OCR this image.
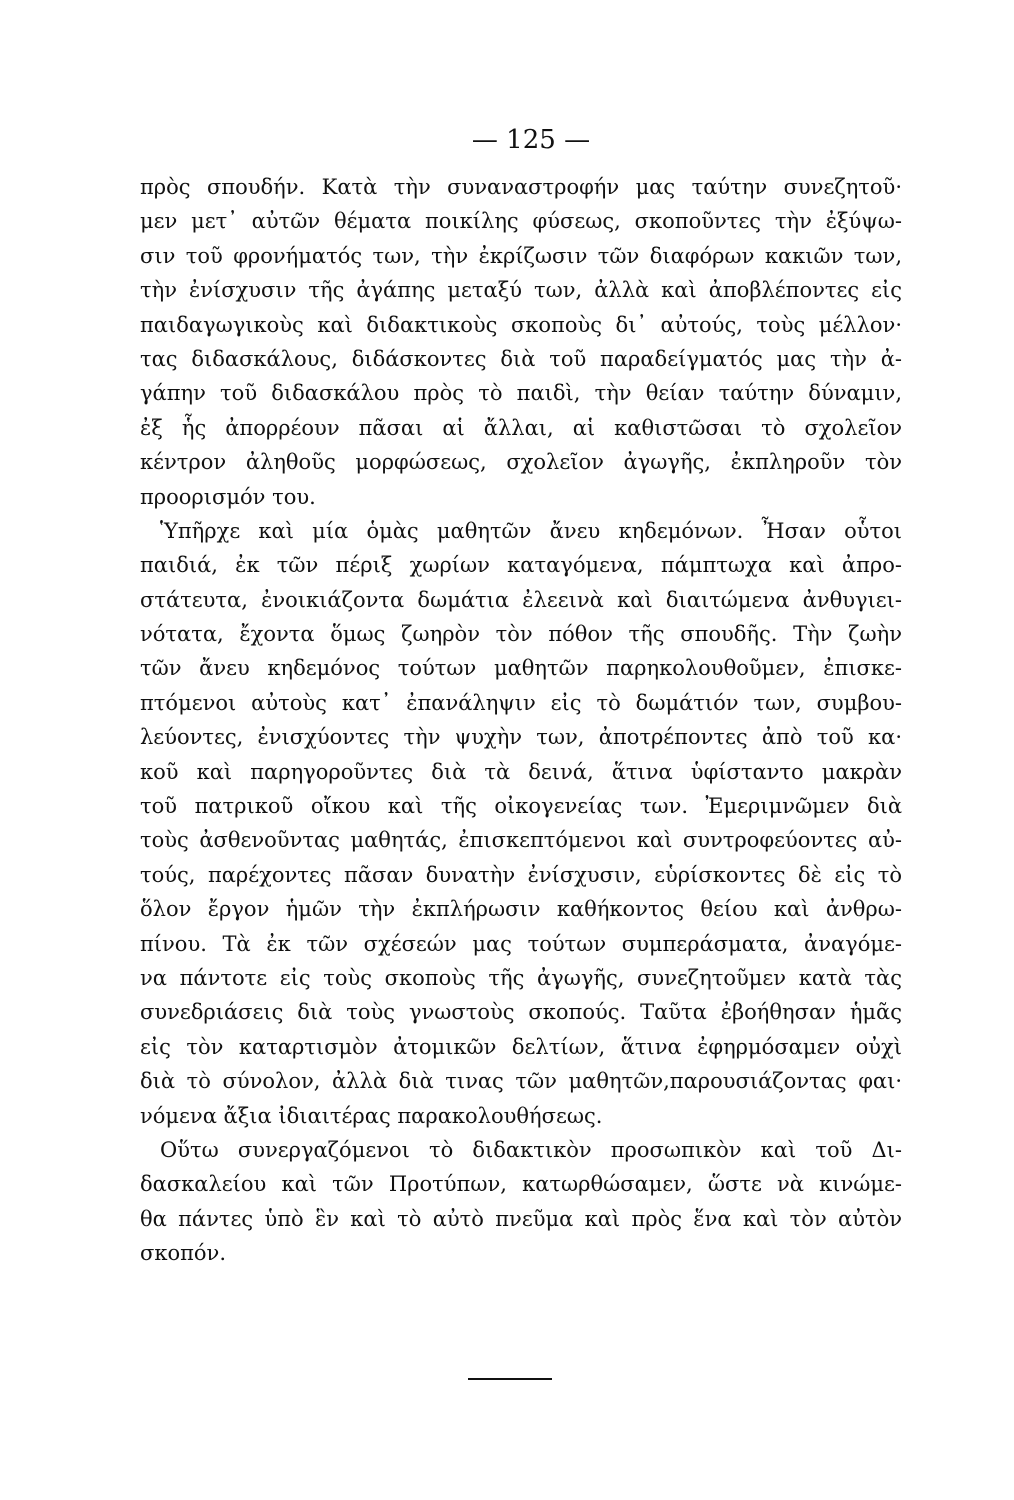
— 125 —
πρὸς σπουδήν. Κατὰ τὴν συναναστροφήν μας ταύτην συνεζητοῦ·
μεν μετ᾿ αὐτῶν θέματα ποικίλης φύσεως, σκοποῦντες τὴν ἐξύψω-
σιν τοῦ φρονήματός των, τὴν ἐκρίζωσιν τῶν διαφόρων κακιῶν των,
τὴν ἐνίσχυσιν τῆς ἀγάπης μεταξύ των, ἀλλὰ καὶ ἀποβλέποντες εἰς
παιδαγωγικοὺς καὶ διδακτικοὺς σκοποὺς δι᾿ αὐτούς, τοὺς μέλλον·
τας διδασκάλους, διδάσκοντες διὰ τοῦ παραδείγματός μας τὴν ἀ-
γάπην τοῦ διδασκάλου πρὸς τὸ παιδὶ, τὴν θείαν ταύτην δύναμιν,
ἐξ ἧς ἀπορρέουν πᾶσαι αἱ ἄλλαι, αἱ καθιστῶσαι τὸ σχολεῖον
κέντρον ἀληθοῦς μορφώσεως, σχολεῖον ἀγωγῆς, ἐκπληροῦν τὸν
προορισμόν του.
Ὑπῆρχε καὶ μία ὁμὰς μαθητῶν ἄνευ κηδεμόνων. Ἦσαν οὗτοι
παιδιά, ἐκ τῶν πέριξ χωρίων καταγόμενα, πάμπτωχα καὶ ἀπρο-
στάτευτα, ἐνοικιάζοντα δωμάτια ἐλεεινὰ καὶ διαιτώμενα ἀνθυγιει-
νότατα, ἔχοντα ὅμως ζωηρὸν τὸν πόθον τῆς σπουδῆς. Τὴν ζωὴν
τῶν ἄνευ κηδεμόνος τούτων μαθητῶν παρηκολουθοῦμεν, ἐπισκε-
πτόμενοι αὐτοὺς κατ᾿ ἐπανάληψιν εἰς τὸ δωμάτιόν των, συμβου-
λεύοντες, ἐνισχύοντες τὴν ψυχὴν των, ἀποτρέποντες ἀπὸ τοῦ κα·
κοῦ καὶ παρηγοροῦντες διὰ τὰ δεινά, ἅτινα ὑφίσταντο μακρὰν
τοῦ πατρικοῦ οἴκου καὶ τῆς οἰκογενείας των. Ἐμεριμνῶμεν διὰ
τοὺς ἀσθενοῦντας μαθητάς, ἐπισκεπτόμενοι καὶ συντροφεύοντες αὐ-
τούς, παρέχοντες πᾶσαν δυνατὴν ἐνίσχυσιν, εὑρίσκοντες δὲ εἰς τὸ
ὅλον ἔργον ἡμῶν τὴν ἐκπλήρωσιν καθήκοντος θείου καὶ ἀνθρω-
πίνου. Τὰ ἐκ τῶν σχέσεών μας τούτων συμπεράσματα, ἀναγόμε-
να πάντοτε εἰς τοὺς σκοποὺς τῆς ἀγωγῆς, συνεζητοῦμεν κατὰ τὰς
συνεδριάσεις διὰ τοὺς γνωστοὺς σκοπούς. Ταῦτα ἐβοήθησαν ἡμᾶς
εἰς τὸν καταρτισμὸν ἀτομικῶν δελτίων, ἅτινα ἐφηρμόσαμεν οὐχὶ
διὰ τὸ σύνολον, ἀλλὰ διὰ τινας τῶν μαθητῶν,παρουσιάζοντας φαι·
νόμενα ἄξια ἰδιαιτέρας παρακολουθήσεως.
Οὕτω συνεργαζόμενοι τὸ διδακτικὸν προσωπικὸν καὶ τοῦ Δι-
δασκαλείου καὶ τῶν Προτύπων, κατωρθώσαμεν, ὥστε νὰ κινώμε-
θα πάντες ὑπὸ ἓν καὶ τὸ αὐτὸ πνεῦμα καὶ πρὸς ἕνα καὶ τὸν αὐτὸν
σκοπόν.
